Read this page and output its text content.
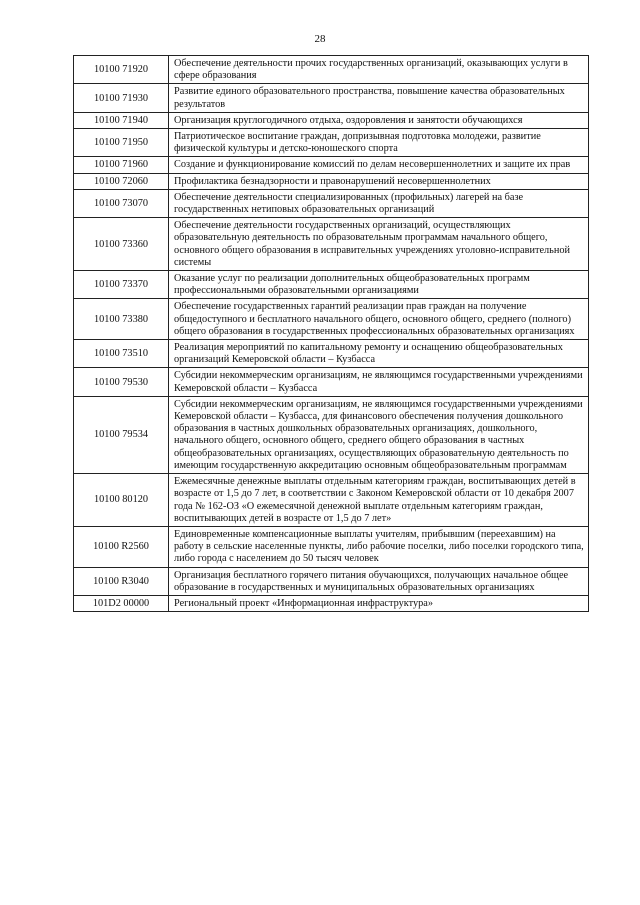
28
10100 71920	Обеспечение деятельности прочих государственных организаций, оказывающих услуги в сфере образования
10100 71930	Развитие единого образовательного пространства, повышение качества образовательных результатов
10100 71940	Организация круглогодичного отдыха, оздоровления и занятости обучающихся
10100 71950	Патриотическое воспитание граждан, допризывная подготовка молодежи, развитие физической культуры и детско-юношеского спорта
10100 71960	Создание и функционирование комиссий по делам несовершеннолетних и защите их прав
10100 72060	Профилактика безнадзорности и правонарушений несовершеннолетних
10100 73070	Обеспечение деятельности специализированных (профильных) лагерей на базе государственных нетиповых образовательных организаций
10100 73360	Обеспечение деятельности государственных организаций, осуществляющих образовательную деятельность по образовательным программам начального общего, основного общего образования в исправительных учреждениях уголовно-исправительной системы
10100 73370	Оказание услуг по реализации дополнительных общеобразовательных программ профессиональными образовательными организациями
10100 73380	Обеспечение государственных гарантий реализации прав граждан на получение общедоступного и бесплатного начального общего, основного общего, среднего (полного) общего образования в государственных профессиональных образовательных организациях
10100 73510	Реализация мероприятий по капитальному ремонту и оснащению общеобразовательных организаций Кемеровской области – Кузбасса
10100 79530	Субсидии некоммерческим организациям, не являющимся государственными учреждениями Кемеровской области – Кузбасса
10100 79534	Субсидии некоммерческим организациям, не являющимся государственными учреждениями Кемеровской области – Кузбасса, для финансового обеспечения получения дошкольного образования в частных дошкольных образовательных организациях, дошкольного, начального общего, основного общего, среднего общего образования в частных общеобразовательных организациях, осуществляющих образовательную деятельность по имеющим государственную аккредитацию основным общеобразовательным программам
10100 80120	Ежемесячные денежные выплаты отдельным категориям граждан, воспитывающих детей в возрасте от 1,5 до 7 лет, в соответствии с Законом Кемеровской области от 10 декабря 2007 года № 162-ОЗ «О ежемесячной денежной выплате отдельным категориям граждан, воспитывающих детей в возрасте от 1,5 до 7 лет»
10100 R2560	Единовременные компенсационные выплаты учителям, прибывшим (переехавшим) на работу в сельские населенные пункты, либо рабочие поселки, либо поселки городского типа, либо города с населением до 50 тысяч человек
10100 R3040	Организация бесплатного горячего питания обучающихся, получающих начальное общее образование в государственных и муниципальных образовательных организациях
101D2 00000	Региональный проект «Информационная инфраструктура»
